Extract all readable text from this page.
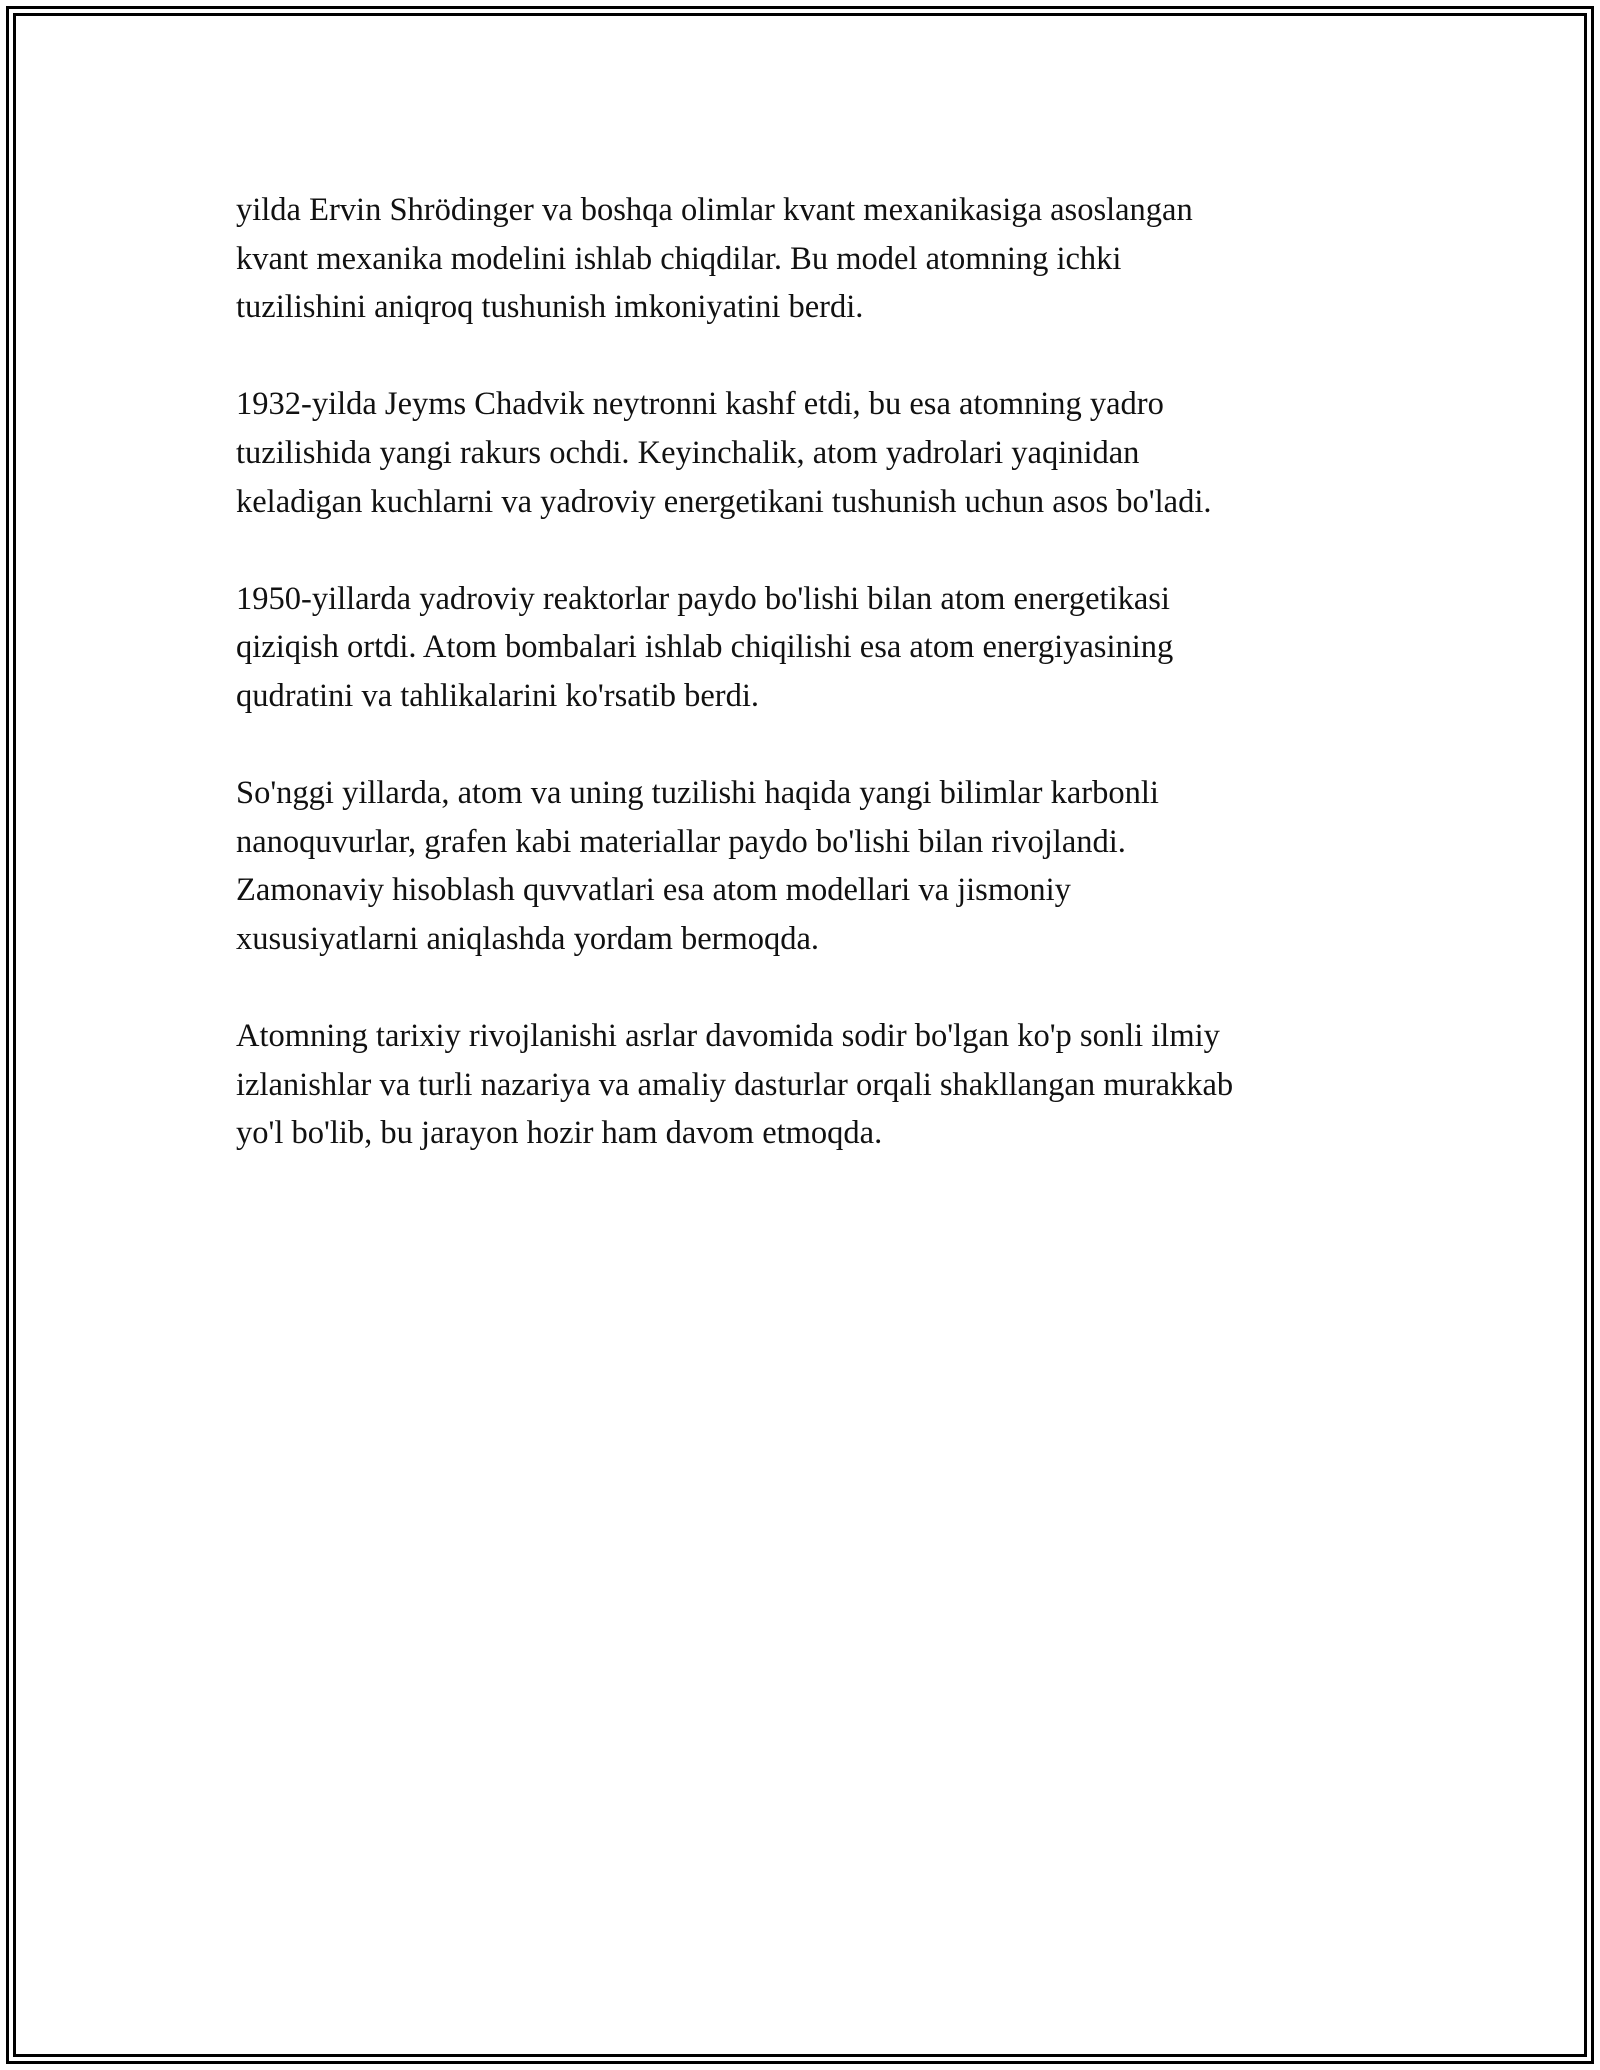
yilda Ervin Shrödinger va boshqa olimlar kvant mexanikasiga asoslangan
kvant mexanika modelini ishlab chiqdilar. Bu model atomning ichki
tuzilishini aniqroq tushunish imkoniyatini berdi.

1932-yilda Jeyms Chadvik neytronni kashf etdi, bu esa atomning yadro
tuzilishida yangi rakurs ochdi. Keyinchalik, atom yadrolari yaqinidan
keladigan kuchlarni va yadroviy energetikani tushunish uchun asos bo'ladi.

1950-yillarda yadroviy reaktorlar paydo bo'lishi bilan atom energetikasi
qiziqish ortdi. Atom bombalari ishlab chiqilishi esa atom energiyasining
qudratini va tahlikalarini ko'rsatib berdi.

So'nggi yillarda, atom va uning tuzilishi haqida yangi bilimlar karbonli
nanoquvurlar, grafen kabi materiallar paydo bo'lishi bilan rivojlandi.
Zamonaviy hisoblash quvvatlari esa atom modellari va jismoniy
xususiyatlarni aniqlashda yordam bermoqda.

Atomning tarixiy rivojlanishi asrlar davomida sodir bo'lgan ko'p sonli ilmiy
izlanishlar va turli nazariya va amaliy dasturlar orqali shakllangan murakkab
yo'l bo'lib, bu jarayon hozir ham davom etmoqda.
